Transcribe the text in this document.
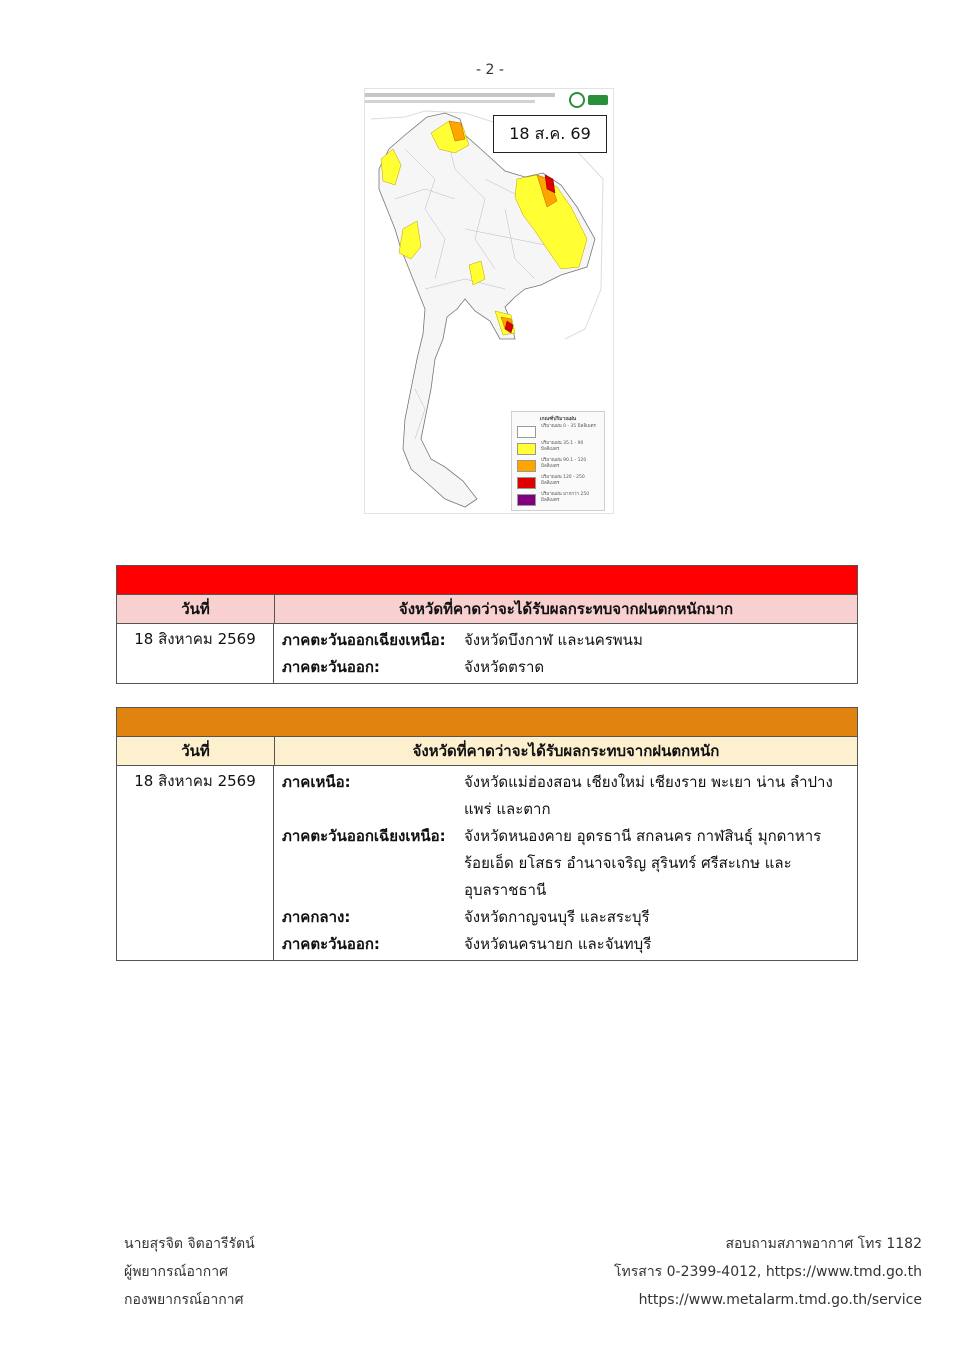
- 2 -
18 ส.ค. 69
เกณฑ์ปริมาณฝน
ปริมาณฝน 0 - 35 มิลลิเมตร
ปริมาณฝน 35.1 - 90 มิลลิเมตร
ปริมาณฝน 90.1 - 120 มิลลิเมตร
ปริมาณฝน 120 - 250 มิลลิเมตร
ปริมาณฝน มากกว่า 250 มิลลิเมตร
วันที่	จังหวัดที่คาดว่าจะได้รับผลกระทบจากฝนตกหนักมาก
18 สิงหาคม 2569	ภาคตะวันออกเฉียงเหนือ:	จังหวัดบึงกาฬ และนครพนม
ภาคตะวันออก:	จังหวัดตราด
วันที่	จังหวัดที่คาดว่าจะได้รับผลกระทบจากฝนตกหนัก
18 สิงหาคม 2569	ภาคเหนือ:	จังหวัดแม่ฮ่องสอน เชียงใหม่ เชียงราย พะเยา น่าน ลำปาง แพร่ และตาก
ภาคตะวันออกเฉียงเหนือ:	จังหวัดหนองคาย อุดรธานี สกลนคร กาฬสินธุ์ มุกดาหาร ร้อยเอ็ด ยโสธร อำนาจเจริญ สุรินทร์ ศรีสะเกษ และอุบลราชธานี
ภาคกลาง:	จังหวัดกาญจนบุรี และสระบุรี
ภาคตะวันออก:	จังหวัดนครนายก และจันทบุรี
นายสุรจิต จิตอารีรัตน์
ผู้พยากรณ์อากาศ
กองพยากรณ์อากาศ
สอบถามสภาพอากาศ โทร 1182
โทรสาร 0-2399-4012, https://www.tmd.go.th
https://www.metalarm.tmd.go.th/service
